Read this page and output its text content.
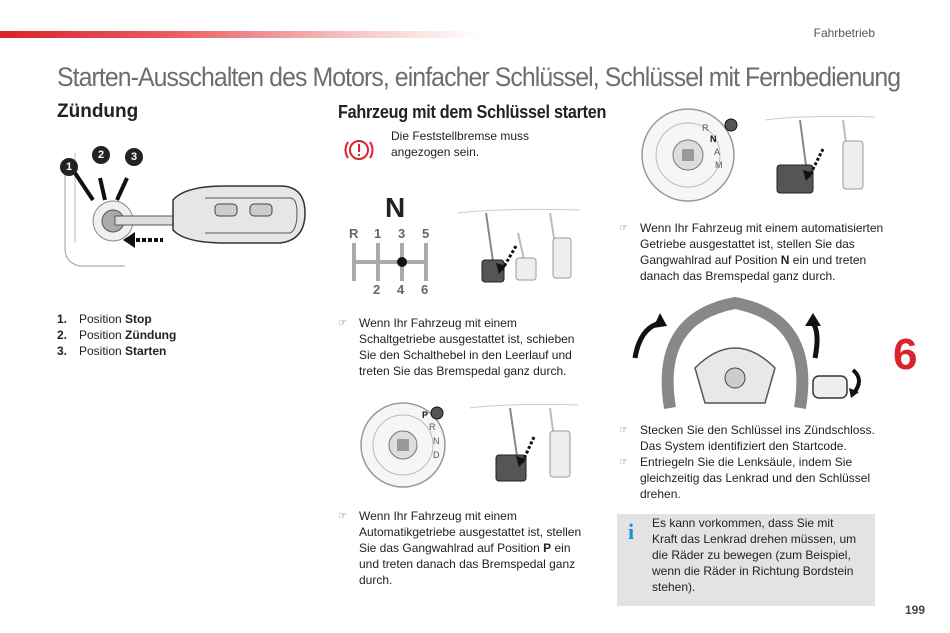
Fahrbetrieb
Starten-Ausschalten des Motors, einfacher Schlüssel, Schlüssel mit Fernbedienung
Zündung
1
2	3
1. Position Stop
2. Position Zündung
3. Position Starten
Fahrzeug mit dem Schlüssel starten
Die Feststellbremse muss
angezogen sein.
N
R 1 3 5
2 4 6
☞ Wenn Ihr Fahrzeug mit einem
Schaltgetriebe ausgestattet ist, schieben
Sie den Schalthebel in den Leerlauf und
treten Sie das Bremspedal ganz durch.
P
R
N
D
☞ Wenn Ihr Fahrzeug mit einem
Automatikgetriebe ausgestattet ist, stellen
Sie das Gangwahlrad auf Position P ein
und treten danach das Bremspedal ganz
durch.
R
N
A
M
☞ Wenn Ihr Fahrzeug mit einem automatisierten
Getriebe ausgestattet ist, stellen Sie das
Gangwahlrad auf Position N ein und treten
danach das Bremspedal ganz durch.
☞ Stecken Sie den Schlüssel ins Zündschloss.
Das System identifiziert den Startcode.
☞ Entriegeln Sie die Lenksäule, indem Sie
gleichzeitig das Lenkrad und den Schlüssel
drehen.
i Es kann vorkommen, dass Sie mit
Kraft das Lenkrad drehen müssen, um
die Räder zu bewegen (zum Beispiel,
wenn die Räder in Richtung Bordstein
stehen).
6
199
